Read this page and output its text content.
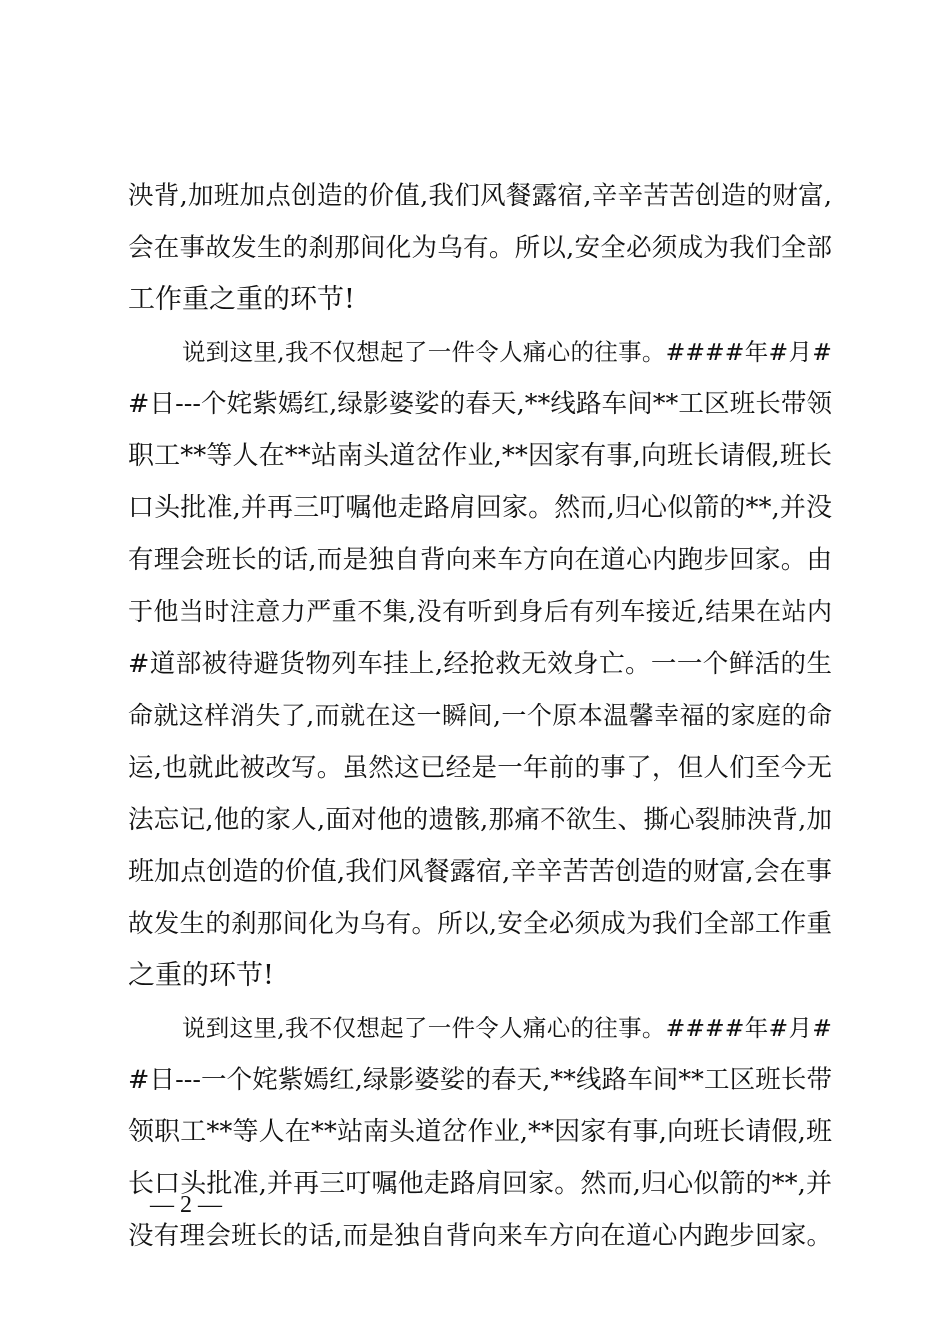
泱背,加班加点创造的价值,我们风餐露宿,辛辛苦苦创造的财富,
会在事故发生的刹那间化为乌有。所以,安全必须成为我们全部
工作重之重的环节!
说到这里,我不仅想起了一件令人痛心的往事。####年#月#
#日---个姹紫嫣红,绿影婆娑的春天,**线路车间**工区班长带领
职工**等人在**站南头道岔作业,**因家有事,向班长请假,班长
口头批准,并再三叮嘱他走路肩回家。然而,归心似箭的**,并没
有理会班长的话,而是独自背向来车方向在道心内跑步回家。由
于他当时注意力严重不集,没有听到身后有列车接近,结果在站内
#道部被待避货物列车挂上,经抢救无效身亡。一一个鲜活的生
命就这样消失了,而就在这一瞬间,一个原本温馨幸福的家庭的命
运,也就此被改写。虽然这已经是一年前的事了，但人们至今无
法忘记,他的家人,面对他的遗骸,那痛不欲生、撕心裂肺泱背,加
班加点创造的价值,我们风餐露宿,辛辛苦苦创造的财富,会在事
故发生的刹那间化为乌有。所以,安全必须成为我们全部工作重
之重的环节!
说到这里,我不仅想起了一件令人痛心的往事。####年#月#
#日---一个姹紫嫣红,绿影婆娑的春天,**线路车间**工区班长带
领职工**等人在**站南头道岔作业,**因家有事,向班长请假,班
长口头批准,并再三叮嘱他走路肩回家。然而,归心似箭的**,并
没有理会班长的话,而是独自背向来车方向在道心内跑步回家。
— 2 —
